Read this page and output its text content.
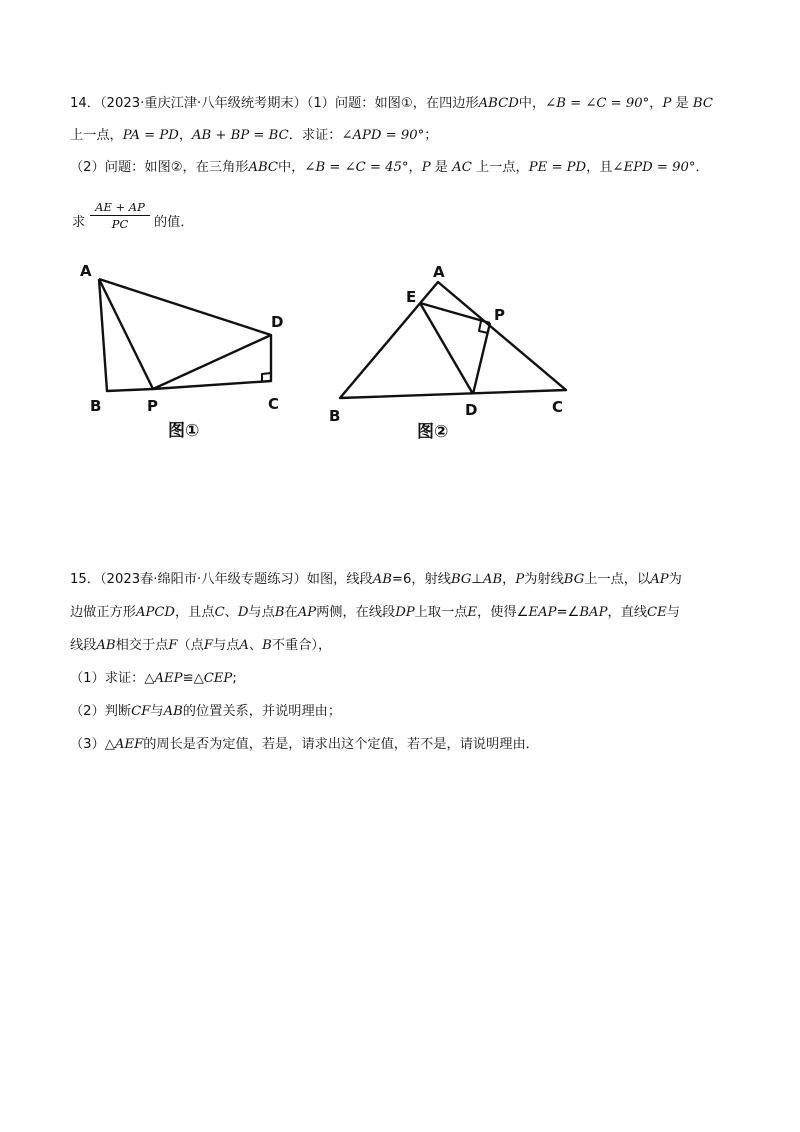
14．（2023·重庆江津·八年级统考期末）（1）问题：如图①，在四边形ABCD中，∠B = ∠C = 90°，P 是 BC
上一点，PA = PD，AB + BP = BC．求证：∠APD = 90°；
（2）问题：如图②，在三角形ABC中，∠B = ∠C = 45°，P 是 AC 上一点，PE = PD，且∠EPD = 90°．
求 $\frac{AE + AP}{PC}$ 的值．
A
B	P	C
D
图①
A
E
P
B	D	C
图②
15．（2023春·绵阳市·八年级专题练习）如图，线段AB=6，射线BG⊥AB，P为射线BG上一点，以AP为
边做正方形APCD，且点C、D与点B在AP两侧，在线段DP上取一点E，使得∠EAP=∠BAP，直线CE与
线段AB相交于点F（点F与点A、B不重合），
（1）求证：△AEP≌△CEP;
（2）判断CF与AB的位置关系，并说明理由；
（3）△AEF的周长是否为定值，若是，请求出这个定值，若不是，请说明理由．
